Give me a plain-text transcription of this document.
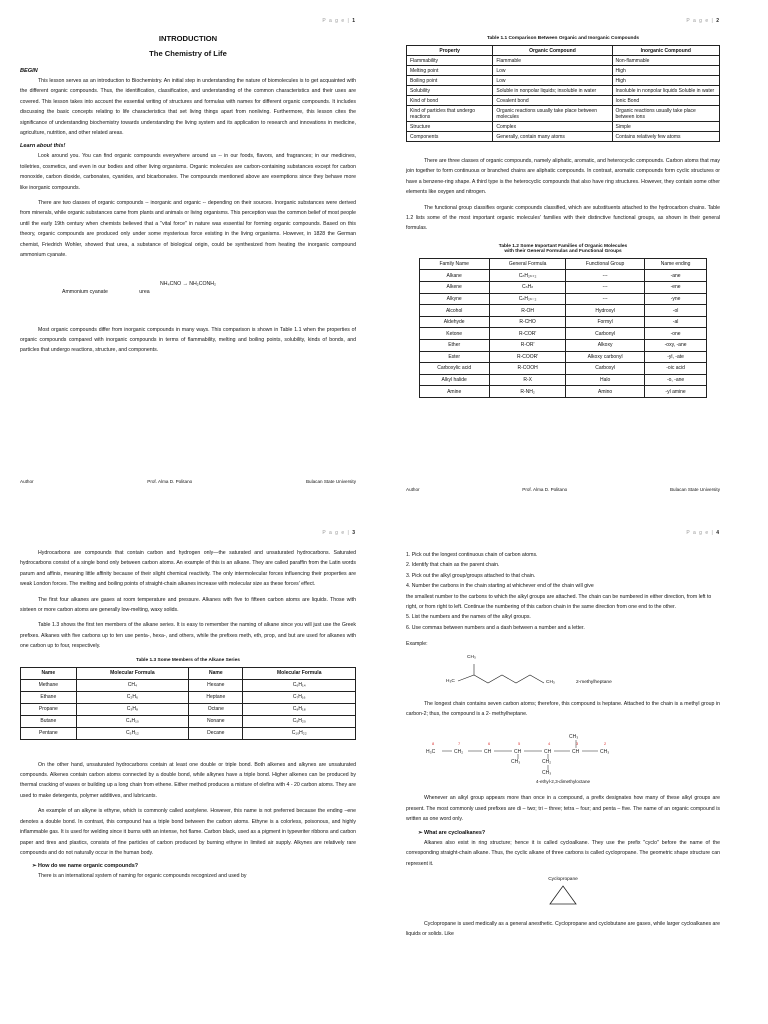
P a g e | 1
INTRODUCTION
The Chemistry of Life
BEGIN

This lesson serves as an introduction to Biochemistry. An initial step in understanding the nature of biomolecules is to get acquainted with the different organic compounds. Thus, the identification, classification, and understanding of the common characteristics and their uses are covered. This lesson takes into account the essential writing of structures and formulas with names for different organic compounds. It includes discussing the basic concepts relating to life characteristics that set living things apart from nonliving. Furthermore, this lesson cites the significance of understanding biochemistry towards understanding the living system and its application to research and innovations in medicine, agriculture, nutrition, and other related areas.

Learn about this!

Look around you. You can find organic compounds everywhere around us -- in our foods, flavors, and fragrances; in our medicines, toiletries, cosmetics, and even in our bodies and other living organisms. Organic molecules are carbon-containing substances except for carbon monoxide, carbon dioxide, carbonates, cyanides, and bicarbonates. The compounds mentioned above are exemptions since they behave more like inorganic compounds.

There are two classes of organic compounds -- inorganic and organic -- depending on their sources. Inorganic substances were derived from minerals, while organic substances came from plants and animals or living organisms. This perception was the common belief of most people until the early 19th century when chemists believed that a "vital force" in nature was essential for forming organic compounds. Based on this theory, organic compounds are produced only under some mysterious force existing in the living organisms. However, in 1828 the German chemist, Friedrich Wohler, showed that urea, a substance of biological origin, could be synthesized from heating the inorganic compound ammonium cyanate.

NH₄CNO → NH₂CONH₂
Ammonium cyanate	urea

Most organic compounds differ from inorganic compounds in many ways. This comparison is shown in Table 1.1 when the properties of organic compounds compared with inorganic compounds in terms of flammability, melting and boiling points, solubility, kinds of bonds, and particles that undergo reactions, structure, and components.

Author	Prof. Alma D. Politano	Bulacan State University
P a g e | 2
Table 1.1 Comparison Between Organic and Inorganic Compounds
Property	Organic Compound	Inorganic Compound
Flammability	Flammable	Non-flammable
Melting point	Low	High
Boiling point	Low	High
Solubility	Soluble in nonpolar liquids; insoluble in water	Insoluble in nonpolar liquids Soluble in water
Kind of bond	Covalent bond	Ionic Bond
Kind of particles that undergo reactions	Organic reactions usually take place between molecules	Organic reactions usually take place between ions
Structure	Complex	Simple
Components	Generally, contain many atoms	Contains relatively few atoms

There are three classes of organic compounds, namely aliphatic, aromatic, and heterocyclic compounds. Carbon atoms that may join together to form continuous or branched chains are aliphatic compounds. In contrast, aromatic compounds form cyclic structures or have a benzene-ring shape. A third type is the heterocyclic compounds that also have ring structures. However, they contain some other elements like oxygen and nitrogen.

The functional group classifies organic compounds classified, which are substituents attached to the hydrocarbon chains. Table 1.2 lists some of the most important organic molecules' families with their distinctive functional groups, as shown in their general formulas.

Table 1.2 Some Important Families of Organic Molecules
with their General Formulas and Functional Groups
Family Name	General Formula	Functional Group	Name ending
Alkane	CₙH₂ₙ₊₂	---	-ane
Alkene	CₙHₙ	---	-ene
Alkyne	CₙH₂ₙ₋₂	---	-yne
Alcohol	R-OH	Hydroxyl	-ol
Aldehyde	R-CHO	Formyl	-al
Ketone	R-COR'	Carbonyl	-one
Ether	R-OR'	Alkoxy	-oxy, -ane
Ester	R-COOR'	Alkoxy carbonyl	-yl, -ate
Carboxylic acid	R-COOH	Carboxyl	-oic acid
Alkyl halide	R-X	Halo	-o, -ane
Amine	R-NH₂	Amino	-yl amine
Author	Prof. Alma D. Politano	Bulacan State University
P a g e | 3

Hydrocarbons are compounds that contain carbon and hydrogen only—the saturated and unsaturated hydrocarbons. Saturated hydrocarbons consist of a single bond only between carbon atoms. An example of this is an alkane. They are called paraffin from the Latin words parum and affinis, meaning little affinity because of their slight chemical reactivity. The only intermolecular forces influencing their properties are weak London forces. The melting and boiling points of straight-chain alkanes increase with molecular size as these forces' effect.

The first four alkanes are gases at room temperature and pressure. Alkanes with five to fifteen carbon atoms are liquids. Those with sixteen or more carbon atoms are generally low-melting, waxy solids.

Table 1.3 shows the first ten members of the alkane series. It is easy to remember the naming of alkane since you will just use the Greek prefixes. Alkanes with five carbons up to ten use penta-, hexa-, and others, while the prefixes meth, eth, prop, and but are used for alkanes with one carbon up to four, respectively.

Table 1.3 Some Members of the Alkane Series
Name	Molecular Formula	Name	Molecular Formula
Methane	CH₄	Hexane	C₆H₁₄
Ethane	C₂H₆	Heptane	C₇H₁₆
Propane	C₃H₈	Octane	C₈H₁₈
Butane	C₄H₁₀	Nonane	C₉H₂₀
Pentane	C₅H₁₂	Decane	C₁₀H₂₂

On the other hand, unsaturated hydrocarbons contain at least one double or triple bond. Both alkenes and alkynes are unsaturated compounds. Alkenes contain carbon atoms connected by a double bond, while alkynes have a triple bond. Higher alkenes can be produced by thermal cracking of waxes or building up a long chain from ethene. Either method produces a mixture of olefins with 4 - 20 carbon atoms. They are used to make detergents, polymer additives, and lubricants.

An example of an alkyne is ethyne, which is commonly called acetylene. However, this name is not preferred because the ending –ene denotes a double bond. In contrast, this compound has a triple bond between the carbon atoms. Ethyne is a colorless, poisonous, and highly inflammable gas. It is used for welding since it burns with an intense, hot flame. Carbon black, used as a pigment in typewriter ribbons and carbon paper and tires and plastics, consists of fine particles of carbon produced by burning ethyne in limited air supply. Alkynes are relatively rare compounds and do not naturally occur in the human body.

➢ How do we name organic compounds?

There is an international system of naming for organic compounds recognized and used by

P a g e | 4
1. Pick out the longest continuous chain of carbon atoms.
2. Identify that chain as the parent chain.
3. Pick out the alkyl group/groups attached to that chain.
4. Number the carbons in the chain starting at whichever end of the chain will give
the smallest number to the carbons to which the alkyl groups are attached. The chain can be numbered in either direction, from left to right, or from right to left. Continue the numbering of this carbon chain in the same direction from one end to the other.
5. List the numbers and the names of the alkyl groups.
6. Use commas between numbers and a dash between a number and a letter.

Example:

CH₃
H₃C	CH₃	2-methylheptane

The longest chain contains seven carbon atoms; therefore, this compound is heptane. Attached to the chain is a methyl group in carbon-2; thus, the compound is a 2- methylheptane.

H₃C	CH₂	CH	CH	CH	CH	CH₃
CH₃
CH₃	CH₂
CH₃
8	7	6	5	4	3	2
4-ethyl-2,3-dimethyloctane

Whenever an alkyl group appears more than once in a compound, a prefix designates how many of these alkyl groups are present. The most commonly used prefixes are di – two; tri – three; tetra – four; and penta – five. The name of an organic compound is written as one word only.

➢ What are cycloalkanes?

Alkanes also exist in ring structure; hence it is called cycloalkane. They use the prefix "cyclo" before the name of the corresponding straight-chain alkane. Thus, the cyclic alkane of three carbons is called cyclopropane. The geometric shape structure can represent it.

Cyclopropane

Cyclopropane is used medically as a general anesthetic. Cyclopropane and cyclobutane are gases, while larger cycloalkanes are liquids or solids. Like
